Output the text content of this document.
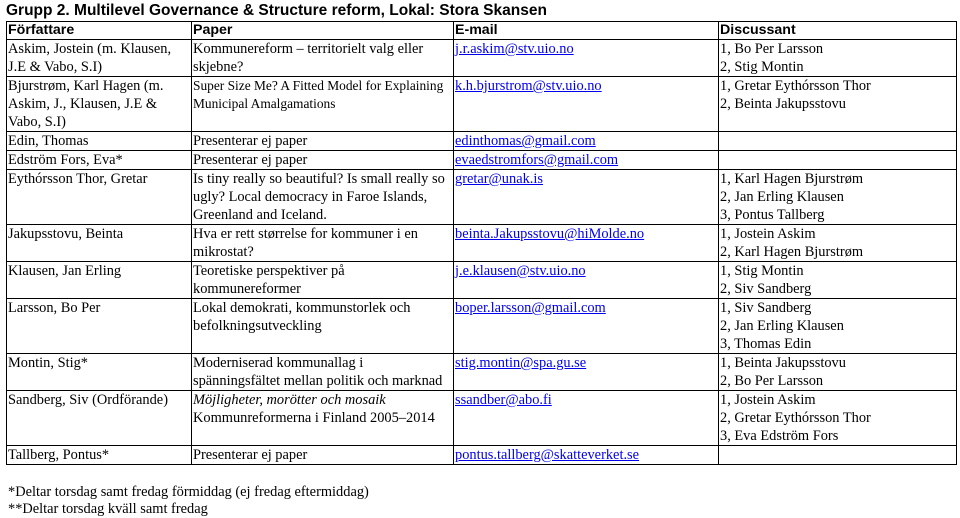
Grupp 2. Multilevel Governance & Structure reform, Lokal: Stora Skansen
Författare	Paper	E-mail	Discussant
Askim, Jostein (m. Klausen, J.E & Vabo, S.I)	Kommunereform – territorielt valg eller skjebne?	j.r.askim@stv.uio.no	1, Bo Per Larsson
2, Stig Montin

Bjurstrøm, Karl Hagen (m. Askim, J., Klausen, J.E & Vabo, S.I)	Super Size Me? A Fitted Model for Explaining Municipal Amalgamations	k.h.bjurstrom@stv.uio.no	1, Gretar Eythórsson Thor
2, Beinta Jakupsstovu

Edin, Thomas	Presenterar ej paper	edinthomas@gmail.com	
Edström Fors, Eva*	Presenterar ej paper	evaedstromfors@gmail.com	
Eythórsson Thor, Gretar	Is tiny really so beautiful? Is small really so ugly? Local democracy in Faroe Islands, Greenland and Iceland.	gretar@unak.is	1, Karl Hagen Bjurstrøm
2, Jan Erling Klausen
3, Pontus Tallberg

Jakupsstovu, Beinta	Hva er rett størrelse for kommuner i en mikrostat?	beinta.Jakupsstovu@hiMolde.no	1, Jostein Askim
2, Karl Hagen Bjurstrøm

Klausen, Jan Erling	Teoretiske perspektiver på kommunereformer	j.e.klausen@stv.uio.no	1, Stig Montin
2, Siv Sandberg

Larsson, Bo Per	Lokal demokrati, kommunstorlek och befolkningsutveckling	boper.larsson@gmail.com	1, Siv Sandberg
2, Jan Erling Klausen
3, Thomas Edin

Montin, Stig*	Moderniserad kommunallag i spänningsfältet mellan politik och marknad	stig.montin@spa.gu.se	1, Beinta Jakupsstovu
2, Bo Per Larsson

Sandberg, Siv (Ordförande)	Möjligheter, morötter och mosaik
Kommunreformerna i Finland 2005–2014	ssandber@abo.fi	1, Jostein Askim
2, Gretar Eythórsson Thor
3, Eva Edström Fors

Tallberg, Pontus*	Presenterar ej paper	pontus.tallberg@skatteverket.se	
*Deltar torsdag samt fredag förmiddag (ej fredag eftermiddag)
**Deltar torsdag kväll samt fredag
